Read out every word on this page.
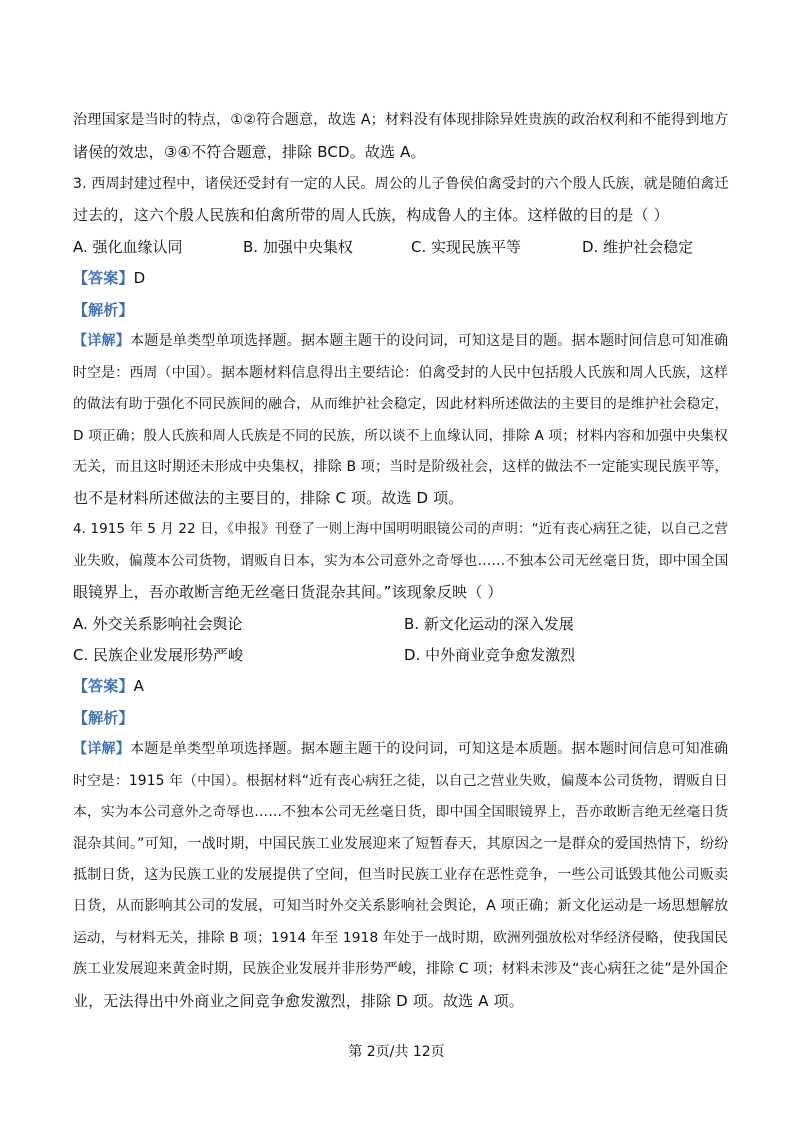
治理国家是当时的特点，①②符合题意，故选 A；材料没有体现排除异姓贵族的政治权利和不能得到地方
诸侯的效忠，③④不符合题意，排除 BCD。故选 A。
3. 西周封建过程中，诸侯还受封有一定的人民。周公的儿子鲁侯伯禽受封的六个殷人氏族，就是随伯禽迁
过去的，这六个殷人民族和伯禽所带的周人氏族，构成鲁人的主体。这样做的目的是（ ）
A. 强化血缘认同	B. 加强中央集权	C. 实现民族平等	D. 维护社会稳定
【答案】D
【解析】
【详解】本题是单类型单项选择题。据本题主题干的设问词，可知这是目的题。据本题时间信息可知准确
时空是：西周（中国）。据本题材料信息得出主要结论：伯禽受封的人民中包括殷人氏族和周人氏族，这样
的做法有助于强化不同民族间的融合，从而维护社会稳定，因此材料所述做法的主要目的是维护社会稳定，
D 项正确；殷人氏族和周人氏族是不同的民族，所以谈不上血缘认同，排除 A 项；材料内容和加强中央集权
无关，而且这时期还未形成中央集权，排除 B 项；当时是阶级社会，这样的做法不一定能实现民族平等，
也不是材料所述做法的主要目的，排除 C 项。故选 D 项。
4. 1915 年 5 月 22 日，《申报》刊登了一则上海中国明明眼镜公司的声明：“近有丧心病狂之徒，以自己之营
业失败，偏蔑本公司货物，谓贩自日本，实为本公司意外之奇辱也……不独本公司无丝毫日货，即中国全国
眼镜界上，吾亦敢断言绝无丝毫日货混杂其间。”该现象反映（ ）
A. 外交关系影响社会舆论	B. 新文化运动的深入发展
C. 民族企业发展形势严峻	D. 中外商业竞争愈发激烈
【答案】A
【解析】
【详解】本题是单类型单项选择题。据本题主题干的设问词，可知这是本质题。据本题时间信息可知准确
时空是：1915 年（中国）。根据材料“近有丧心病狂之徒，以自己之营业失败，偏蔑本公司货物，谓贩自日
本，实为本公司意外之奇辱也……不独本公司无丝毫日货，即中国全国眼镜界上，吾亦敢断言绝无丝毫日货
混杂其间。”可知，一战时期，中国民族工业发展迎来了短暂春天，其原因之一是群众的爱国热情下，纷纷
抵制日货，这为民族工业的发展提供了空间，但当时民族工业存在恶性竞争，一些公司诋毁其他公司贩卖
日货，从而影响其公司的发展，可知当时外交关系影响社会舆论，A 项正确；新文化运动是一场思想解放
运动，与材料无关，排除 B 项；1914 年至 1918 年处于一战时期，欧洲列强放松对华经济侵略，使我国民
族工业发展迎来黄金时期，民族企业发展并非形势严峻，排除 C 项；材料未涉及“丧心病狂之徒”是外国企
业，无法得出中外商业之间竞争愈发激烈，排除 D 项。故选 A 项。
第 2页/共 12页
